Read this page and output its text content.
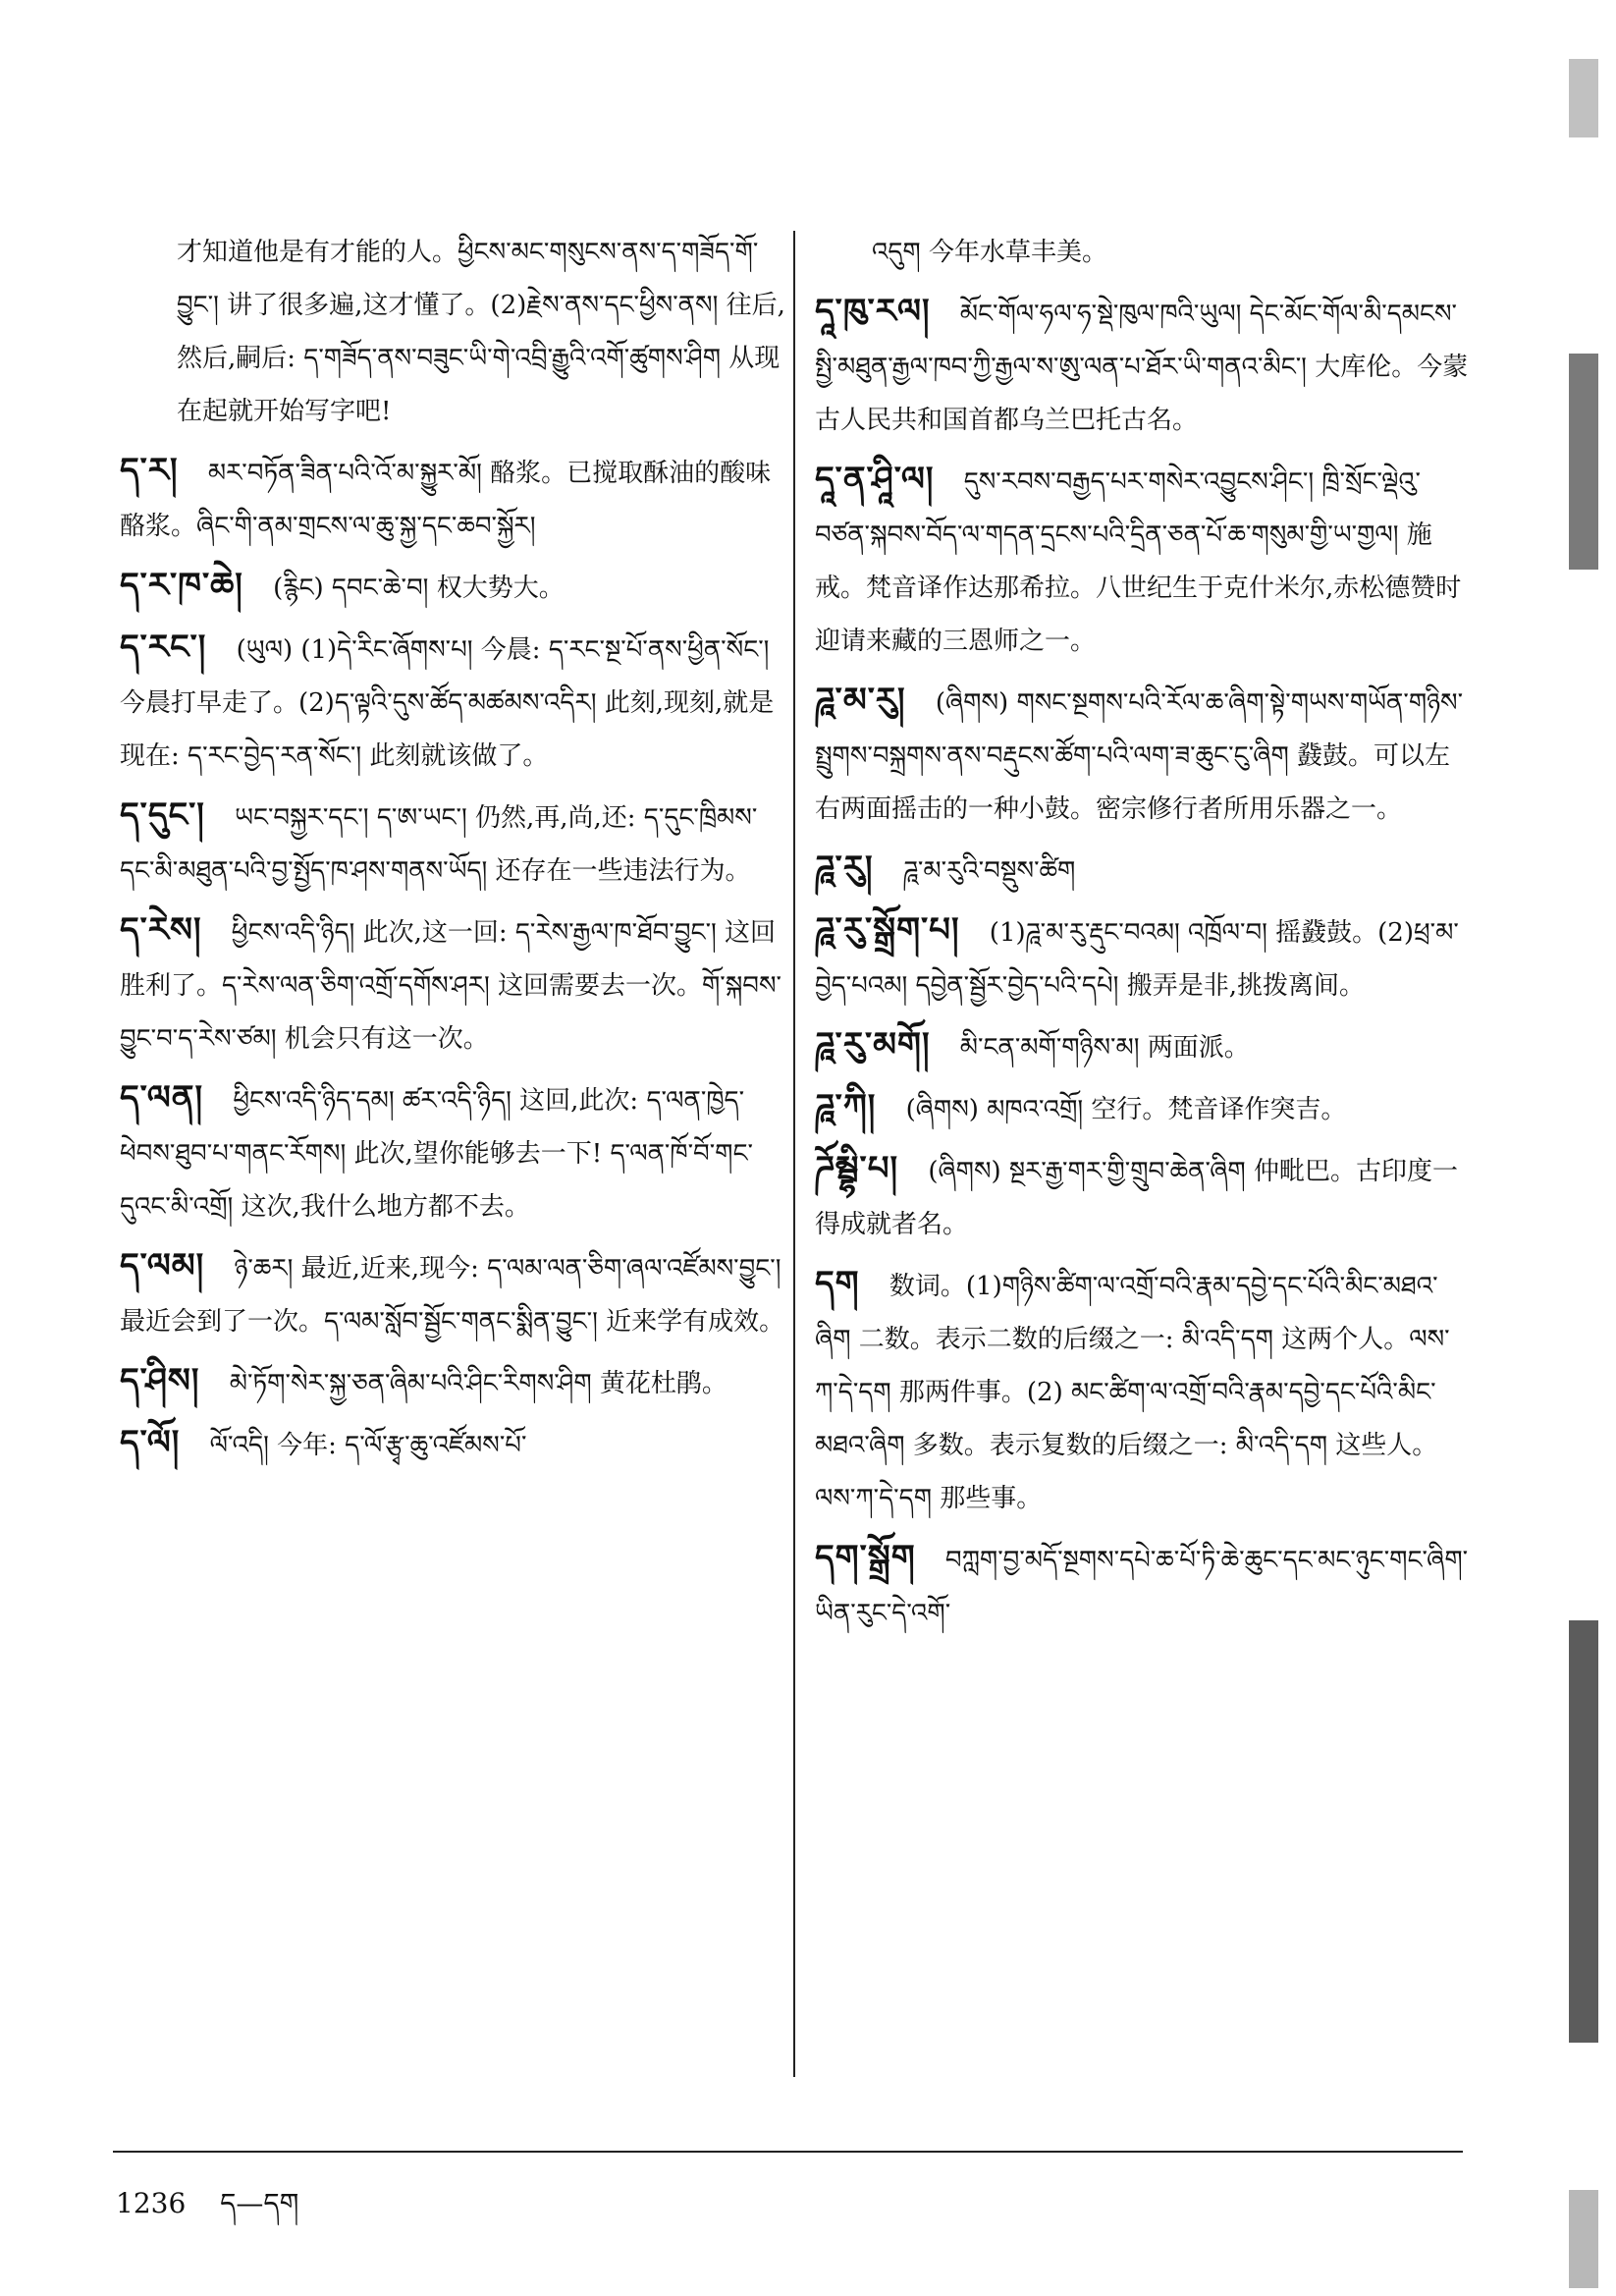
才知道他是有才能的人。ཕྱིངས་མང་གསུངས་ནས་ད་གཟོད་གོ་བྱུང་། 讲了很多遍,这才懂了。(2)རྗེས་ནས་དང་ཕྱིས་ནས། 往后,然后,嗣后: ད་གཟོད་ནས་བཟུང་ཡི་གེ་འབྲི་རྒྱུའི་འགོ་ཚུགས་ཤིག 从现在起就开始写字吧!
ད་ར། མར་བཏོན་ཟིན་པའི་འོ་མ་སྐྱུར་མོ། 酪浆。已搅取酥油的酸味酪浆。ཞིང་གི་ནམ་གྲངས་ལ་ཆུ་སྐྱ་དང་ཆབ་སྐྱོར།
ད་ར་ཁ་ཆེ། (རྙིང) དབང་ཆེ་བ། 权大势大。
ད་རང་། (ཡུལ) (1)དེ་རིང་ཞོགས་པ། 今晨: ད་རང་སྔ་པོ་ནས་ཕྱིན་སོང་། 今晨打早走了。(2)ད་ལྟའི་དུས་ཚོད་མཚམས་འདིར། 此刻,现刻,就是现在: ད་རང་བྱེད་རན་སོང་། 此刻就该做了。
ད་དུང་། ཡང་བསྐྱར་དང་། ད་ཨ་ཡང་། 仍然,再,尚,还: ད་དུང་ཁྲིམས་དང་མི་མཐུན་པའི་བྱ་སྤྱོད་ཁ་ཤས་གནས་ཡོད། 还存在一些违法行为。
ད་རེས། ཕྱིངས་འདི་ཉིད། 此次,这一回: ད་རེས་རྒྱལ་ཁ་ཐོབ་བྱུང་། 这回胜利了。ད་རེས་ལན་ཅིག་འགྲོ་དགོས་ཤར། 这回需要去一次。གོ་སྐབས་བྱུང་བ་ད་རེས་ཙམ། 机会只有这一次。
ད་ལན། ཕྱིངས་འདི་ཉིད་དམ། ཚར་འདི་ཉིད། 这回,此次: ད་ལན་ཁྱེད་ཕེབས་ཐུབ་པ་གནང་རོགས། 此次,望你能够去一下! ད་ལན་ཁོ་བོ་གང་དུའང་མི་འགྲོ། 这次,我什么地方都不去。
ད་ལམ། ཉེ་ཆར། 最近,近来,现今: ད་ལམ་ལན་ཅིག་ཞལ་འཛོམས་བྱུང་། 最近会到了一次。ད་ལམ་སློབ་སྦྱོང་གནང་སྨིན་བྱུང་། 近来学有成效。
ད་ཤིས། མེ་ཏོག་སེར་སྐྱ་ཅན་ཞིམ་པའི་ཤིང་རིགས་ཤིག 黄花杜鹃。
ད་ལོ། ལོ་འདི། 今年: ད་ལོ་རྩྭ་ཆུ་འཛོམས་པོ་
འདུག 今年水草丰美。
དཱ་ཁུ་རལ། མོང་གོལ་ཧལ་ཧ་སྡེ་ཁུལ་ཁའི་ཡུལ། དེང་མོང་གོལ་མི་དམངས་སྤྱི་མཐུན་རྒྱལ་ཁབ་ཀྱི་རྒྱལ་ས་ཨུ་ལན་པ་ཐོར་ཡི་གནའ་མིང་། 大库伦。今蒙古人民共和国首都乌兰巴托古名。
དཱ་ན་ཤཱི་ལ། དུས་རབས་བརྒྱད་པར་གསེར་འབྱུངས་ཤིང་། ཁྲི་སྲོང་ལྡེའུ་བཙན་སྐབས་བོད་ལ་གདན་དྲངས་པའི་དྲིན་ཅན་པོ་ཆ་གསུམ་གྱི་ཡ་གྱལ། 施戒。梵音译作达那希拉。八世纪生于克什米尔,赤松德赞时迎请来藏的三恩师之一。
ཌཱ་མ་རུ། (ཞིགས) གསང་སྔགས་པའི་རོལ་ཆ་ཞིག་སྟེ་གཡས་གཡོན་གཉིས་སྤྲུགས་བསྐྲགས་ནས་བརྡུངས་ཚོག་པའི་ལག་ཟ་ཆུང་ངུ་ཞིག 鼗鼓。可以左右两面摇击的一种小鼓。密宗修行者所用乐器之一。
ཌཱ་རུ། ཌཱ་མ་རུའི་བསྡུས་ཚིག
ཌཱ་རུ་སྒྲོག་པ། (1)ཌཱ་མ་རུ་རྡུང་བའམ། འཁྲོལ་བ། 摇鼗鼓。(2)ཕྲ་མ་བྱེད་པའམ། དབྱེན་སྦྱོར་བྱེད་པའི་དཔེ། 搬弄是非,挑拨离间。
ཌཱ་རུ་མགོ། མི་ངན་མགོ་གཉིས་མ། 两面派。
ཌཱ་ཀི། (ཞིགས) མཁའ་འགྲོ། 空行。梵音译作突吉。
ཌོམྦྷི་པ། (ཞིགས) སྔར་རྒྱ་གར་གྱི་གྲུབ་ཆེན་ཞིག 仲毗巴。古印度一得成就者名。
དག 数词。(1)གཉིས་ཚིག་ལ་འགྲོ་བའི་རྣམ་དབྱེ་དང་པོའི་མིང་མཐའ་ཞིག 二数。表示二数的后缀之一: མི་འདི་དག 这两个人。ལས་ཀ་དེ་དག 那两件事。(2) མང་ཚིག་ལ་འགྲོ་བའི་རྣམ་དབྱེ་དང་པོའི་མིང་མཐའ་ཞིག 多数。表示复数的后缀之一: མི་འདི་དག 这些人。ལས་ཀ་དེ་དག 那些事。
དག་སྒྲོག བཀླག་བྱ་མདོ་སྔགས་དཔེ་ཆ་པོ་ཏི་ཆེ་ཆུང་དང་མང་ཉུང་གང་ཞིག་ཡིན་རུང་དེ་འགོ་
1236 ད—དག
